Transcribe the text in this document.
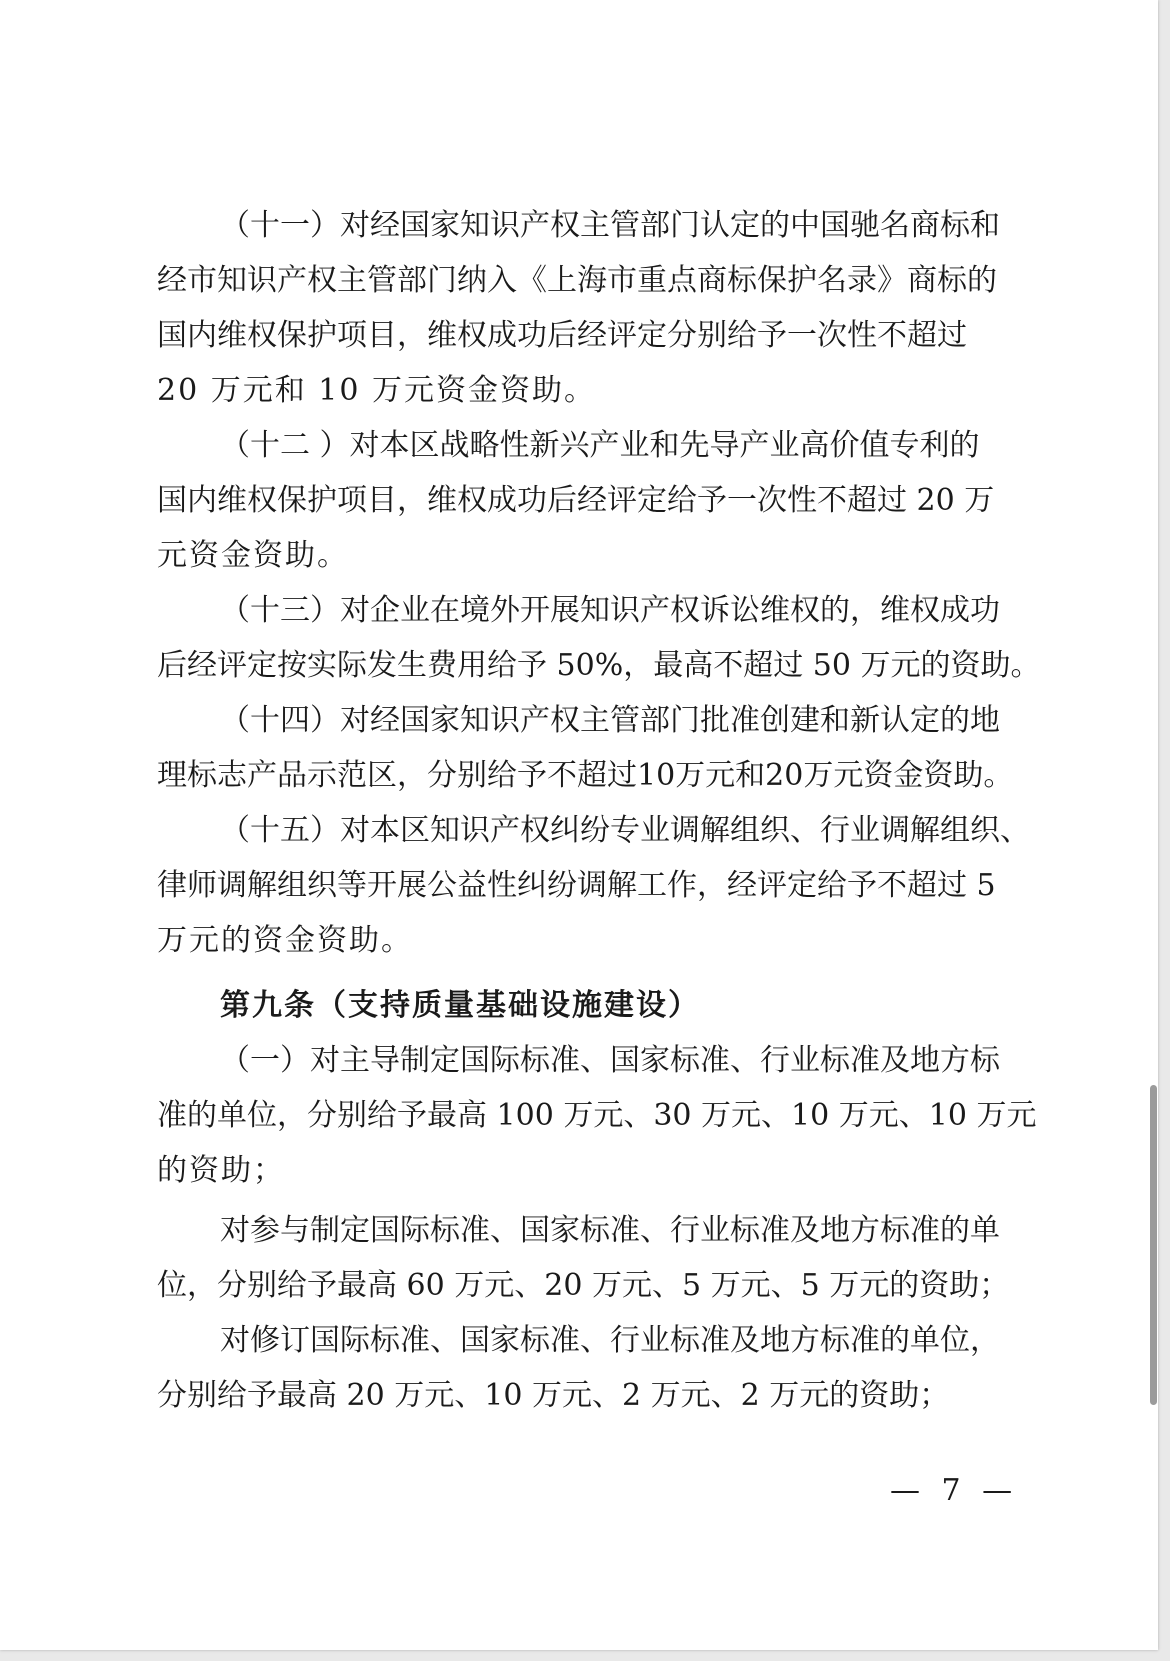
（十一）对经国家知识产权主管部门认定的中国驰名商标和
经市知识产权主管部门纳入《上海市重点商标保护名录》商标的
国内维权保护项目，维权成功后经评定分别给予一次性不超过
20 万元和 10 万元资金资助。
（十二 ）对本区战略性新兴产业和先导产业高价值专利的
国内维权保护项目，维权成功后经评定给予一次性不超过 20 万
元资金资助。
（十三）对企业在境外开展知识产权诉讼维权的，维权成功
后经评定按实际发生费用给予 50%，最高不超过 50 万元的资助。
（十四）对经国家知识产权主管部门批准创建和新认定的地
理标志产品示范区，分别给予不超过10万元和20万元资金资助。
（十五）对本区知识产权纠纷专业调解组织、行业调解组织、
律师调解组织等开展公益性纠纷调解工作，经评定给予不超过 5
万元的资金资助。
第九条（支持质量基础设施建设）
（一）对主导制定国际标准、国家标准、行业标准及地方标
准的单位，分别给予最高 100 万元、30 万元、10 万元、10 万元
的资助；
对参与制定国际标准、国家标准、行业标准及地方标准的单
位，分别给予最高 60 万元、20 万元、5 万元、5 万元的资助；
对修订国际标准、国家标准、行业标准及地方标准的单位，
分别给予最高 20 万元、10 万元、2 万元、2 万元的资助；
— 7 —
